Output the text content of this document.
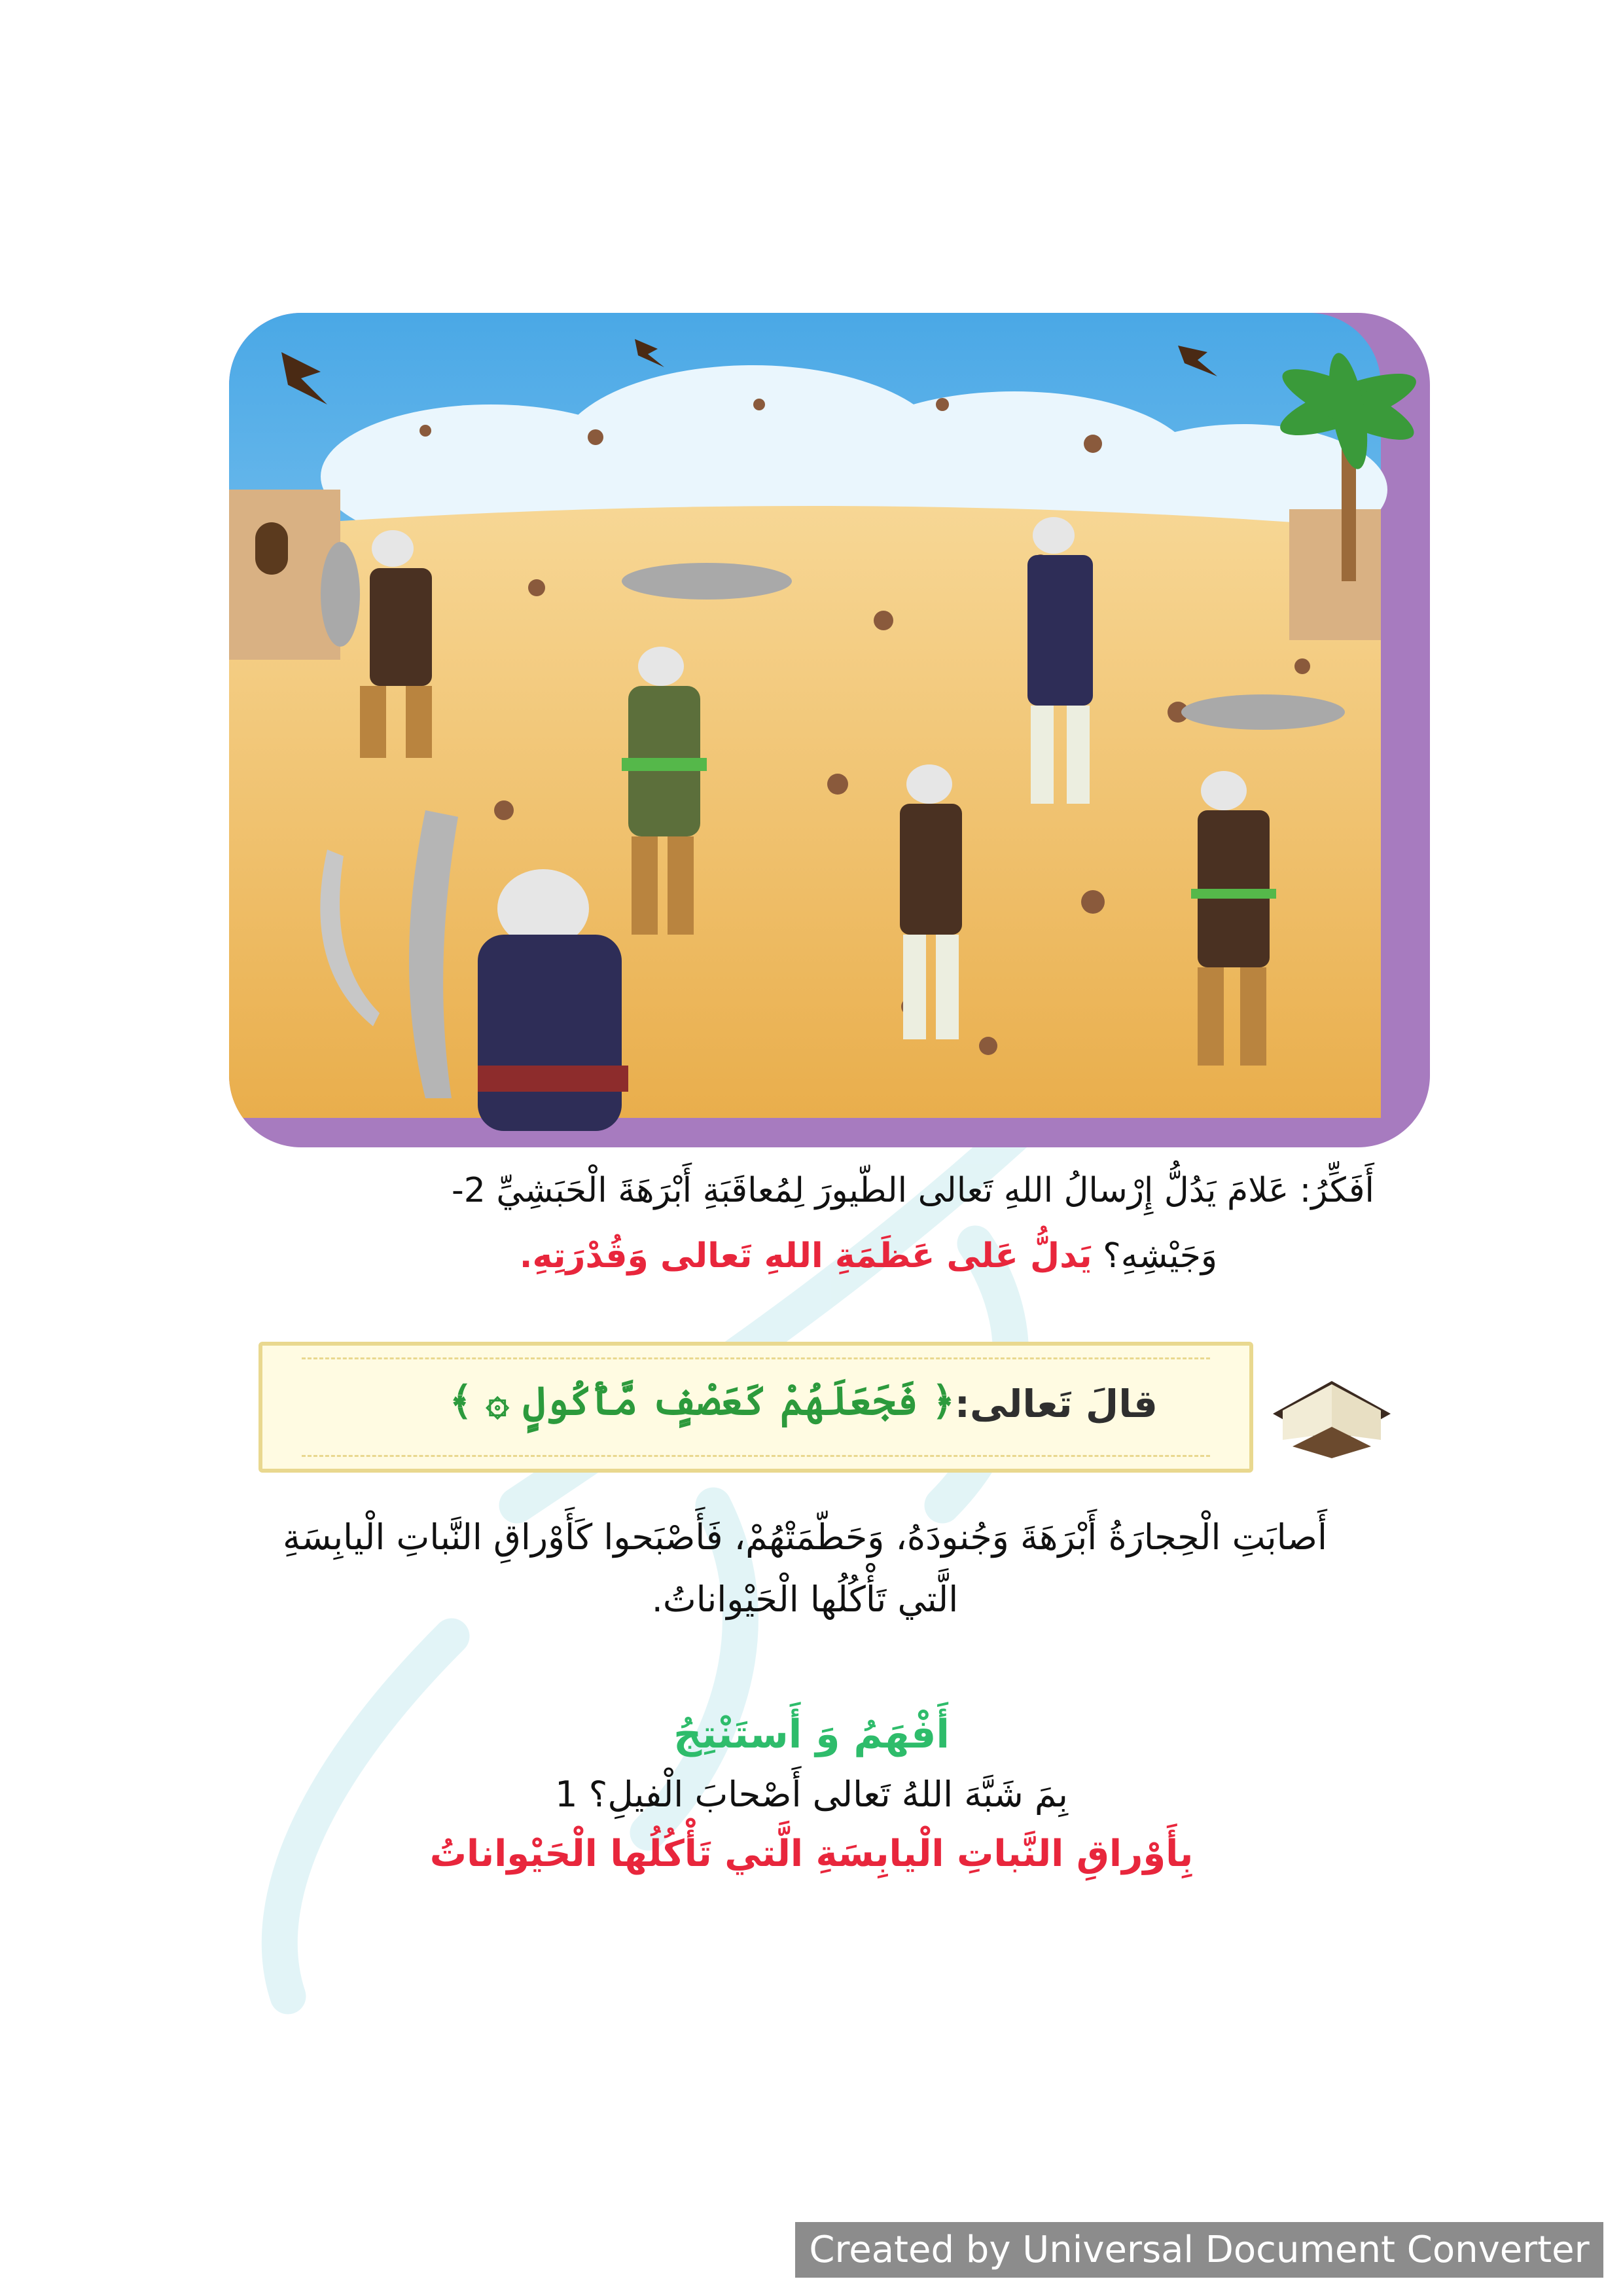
أَفَكِّرُ: عَلامَ يَدُلُّ إِرْسالُ اللهِ تَعالى الطّيورَ لِمُعاقَبَةِ أَبْرَهَةَ الْحَبَشِيِّ 2-
وَجَيْشِهِ؟ يَدلُّ عَلى عَظَمَةِ اللهِ تَعالى وَقُدْرَتِهِ.
قالَ تَعالى:
﴿ فَجَعَلَهُمْ كَعَصْفٍ مَّأْكُولٍ ۞ ﴾
أَصابَتِ الْحِجارَةُ أَبْرَهَةَ وَجُنودَهُ، وَحَطّمَتْهُمْ، فَأَصْبَحوا كَأَوْراقِ النَّباتِ الْيابِسَةِ
الَّتي تَأْكُلُها الْحَيْواناتُ.
أَفْهَمُ وَ أَستَنْتِجُ
بِمَ شَبَّهَ اللهُ تَعالى أَصْحابَ الْفيلِ؟ 1
بِأَوْراقِ النَّباتِ الْيابِسَةِ الَّتي تَأْكُلُها الْحَيْواناتُ
Created by Universal Document Converter
